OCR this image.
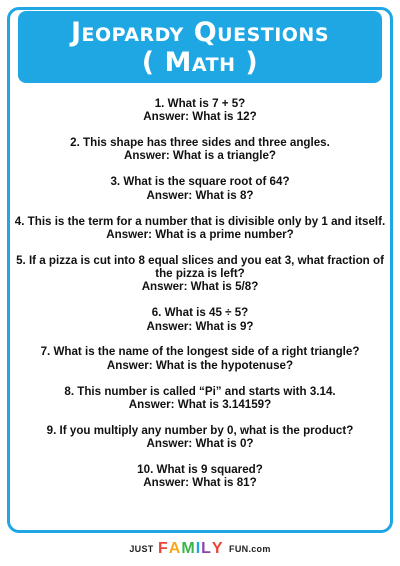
Jeopardy Questions
( Math )
1. What is 7 + 5?
Answer: What is 12?
2. This shape has three sides and three angles.
Answer: What is a triangle?
3. What is the square root of 64?
Answer: What is 8?
4. This is the term for a number that is divisible only by 1 and itself.
Answer: What is a prime number?
5. If a pizza is cut into 8 equal slices and you eat 3, what fraction of the pizza is left?
Answer: What is 5/8?
6. What is 45 ÷ 5?
Answer: What is 9?
7. What is the name of the longest side of a right triangle?
Answer: What is the hypotenuse?
8. This number is called “Pi” and starts with 3.14.
Answer: What is 3.14159?
9. If you multiply any number by 0, what is the product?
Answer: What is 0?
10. What is 9 squared?
Answer: What is 81?
JUST FAMILY FUN.com
